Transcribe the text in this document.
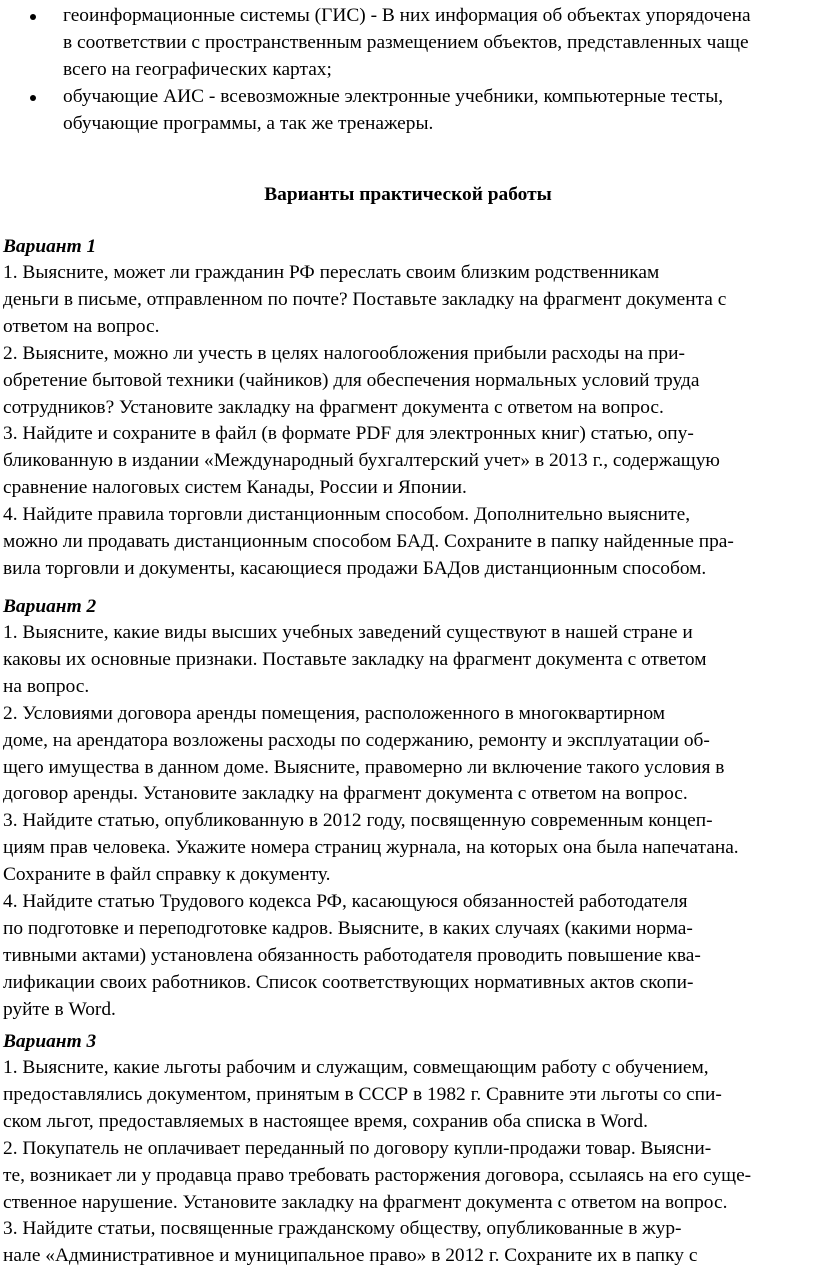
геоинформационные системы (ГИС) - В них информация об объектах упорядочена
в соответствии с пространственным размещением объектов, представленных чаще
всего на географических картах;
обучающие АИС - всевозможные электронные учебники, компьютерные тесты,
обучающие программы, а так же тренажеры.
Варианты практической работы
Вариант 1
1. Выясните, может ли гражданин РФ переслать своим близким родственникам
деньги в письме, отправленном по почте? Поставьте закладку на фрагмент документа с
ответом на вопрос.
2. Выясните, можно ли учесть в целях налогообложения прибыли расходы на при-
обретение бытовой техники (чайников) для обеспечения нормальных условий труда
сотрудников? Установите закладку на фрагмент документа с ответом на вопрос.
3. Найдите и сохраните в файл (в формате PDF для электронных книг) статью, опу-
бликованную в издании «Международный бухгалтерский учет» в 2013 г., содержащую
сравнение налоговых систем Канады, России и Японии.
4. Найдите правила торговли дистанционным способом. Дополнительно выясните,
можно ли продавать дистанционным способом БАД. Сохраните в папку найденные пра-
вила торговли и документы, касающиеся продажи БАДов дистанционным способом.
Вариант 2
1. Выясните, какие виды высших учебных заведений существуют в нашей стране и
каковы их основные признаки. Поставьте закладку на фрагмент документа с ответом
на вопрос.
2. Условиями договора аренды помещения, расположенного в многоквартирном
доме, на арендатора возложены расходы по содержанию, ремонту и эксплуатации об-
щего имущества в данном доме. Выясните, правомерно ли включение такого условия в
договор аренды. Установите закладку на фрагмент документа с ответом на вопрос.
3. Найдите статью, опубликованную в 2012 году, посвященную современным концеп-
циям прав человека. Укажите номера страниц журнала, на которых она была напечатана.
Сохраните в файл справку к документу.
4. Найдите статью Трудового кодекса РФ, касающуюся обязанностей работодателя
по подготовке и переподготовке кадров. Выясните, в каких случаях (какими норма-
тивными актами) установлена обязанность работодателя проводить повышение ква-
лификации своих работников. Список соответствующих нормативных актов скопи-
руйте в Word.
Вариант 3
1. Выясните, какие льготы рабочим и служащим, совмещающим работу с обучением,
предоставлялись документом, принятым в СССР в 1982 г. Сравните эти льготы со спи-
ском льгот, предоставляемых в настоящее время, сохранив оба списка в Word.
2. Покупатель не оплачивает переданный по договору купли-продажи товар. Выясни-
те, возникает ли у продавца право требовать расторжения договора, ссылаясь на его суще-
ственное нарушение. Установите закладку на фрагмент документа с ответом на вопрос.
3. Найдите статьи, посвященные гражданскому обществу, опубликованные в жур-
нале «Административное и муниципальное право» в 2012 г. Сохраните их в папку с
